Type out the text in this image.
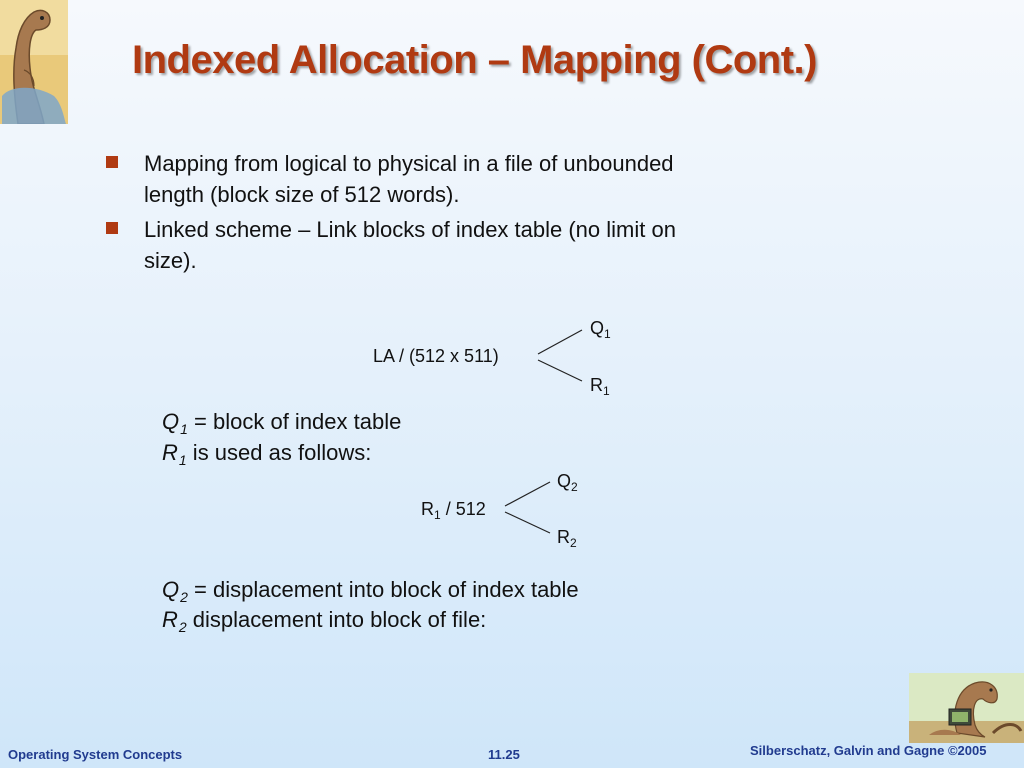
Indexed Allocation – Mapping (Cont.)
Mapping from logical to physical in a file of unbounded
length (block size of 512 words).
Linked scheme – Link blocks of index table (no limit on
size).
LA / (512 x 511)
$Q_1$
$R_1$
$Q_1$ = block of index table
$R_1$ is used as follows:
$R_1 / 512$
$Q_2$
$R_2$
$Q_2$ = displacement into block of index table
$R_2$ displacement into block of file:
Operating System Concepts	11.25	Silberschatz, Galvin and Gagne ©2005
